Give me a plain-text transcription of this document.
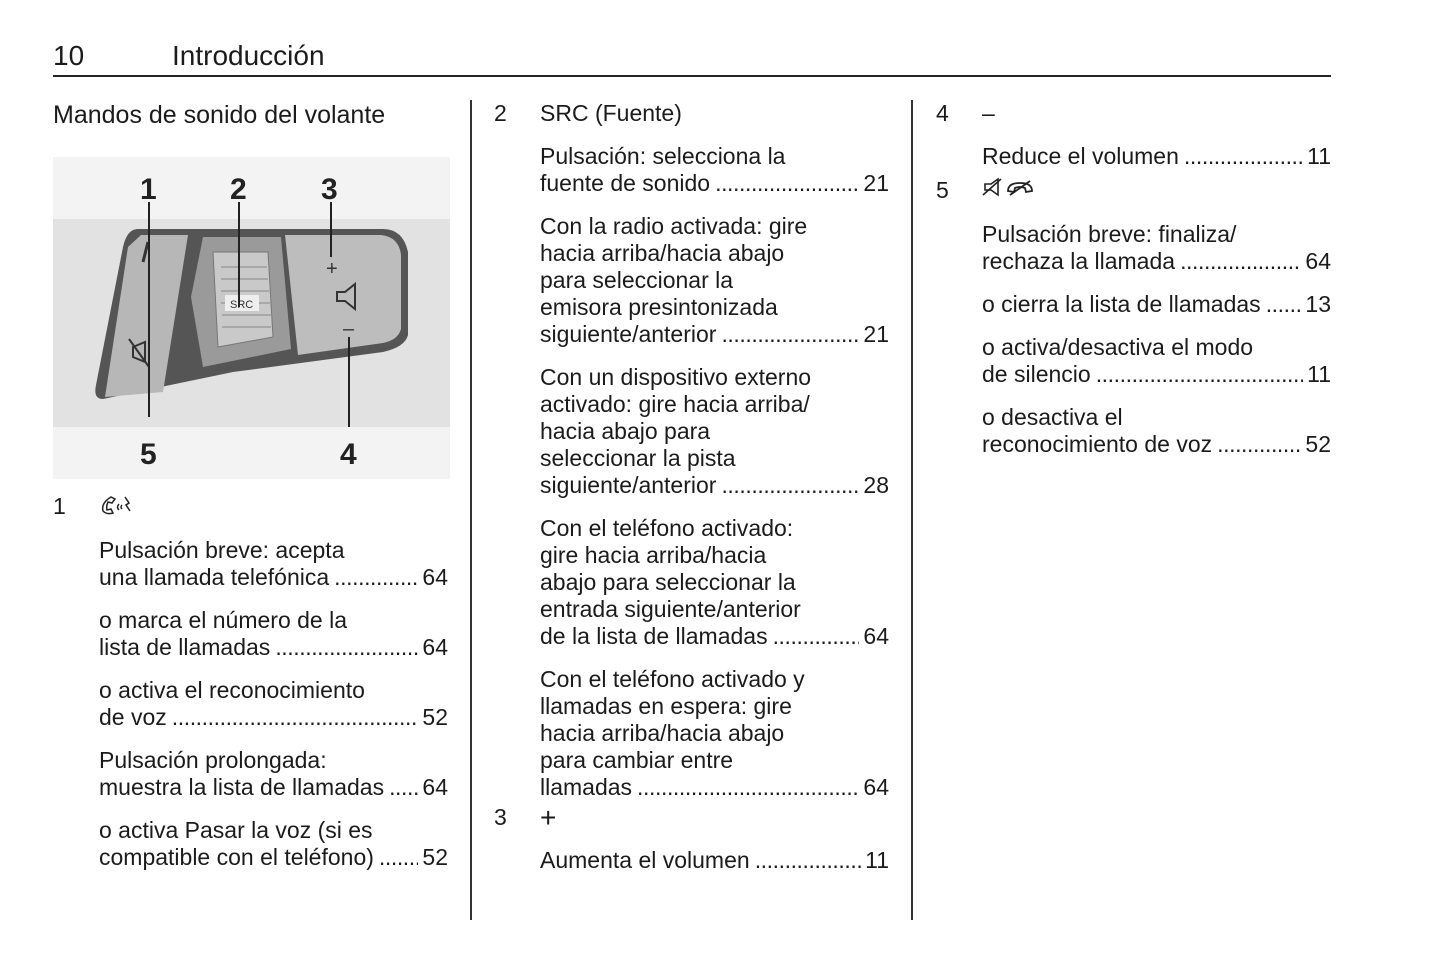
10	Introducción
Mandos de sonido del volante
SRC
+
–
1 2 3
4
5
1
Pulsación breve: acepta
una llamada telefónica . . .	64
o marca el número de la
lista de llamadas . . .	64
o activa el reconocimiento
de voz . . .	52
Pulsación prolongada:
muestra la lista de llamadas . . . 64
o activa Pasar la voz (si es
compatible con el teléfono) . . . 52
2	SRC (Fuente)
Pulsación: selecciona la
fuente de sonido . . .	21
Con la radio activada: gire
hacia arriba/hacia abajo
para seleccionar la
emisora presintonizada
siguiente/anterior . . .	21
Con un dispositivo externo
activado: gire hacia arriba/
hacia abajo para
seleccionar la pista
siguiente/anterior . . .	28
Con el teléfono activado:
gire hacia arriba/hacia
abajo para seleccionar la
entrada siguiente/anterior
de la lista de llamadas . . .	64
Con el teléfono activado y
llamadas en espera: gire
hacia arriba/hacia abajo
para cambiar entre
llamadas . . .	64
3	+
Aumenta el volumen . . .	11
4	–
Reduce el volumen . . .	11
5
Pulsación breve: finaliza/
rechaza la llamada . . .	64
o cierra la lista de llamadas . . . 13
o activa/desactiva el modo
de silencio . . .	11
o desactiva el
reconocimiento de voz . . .	52
